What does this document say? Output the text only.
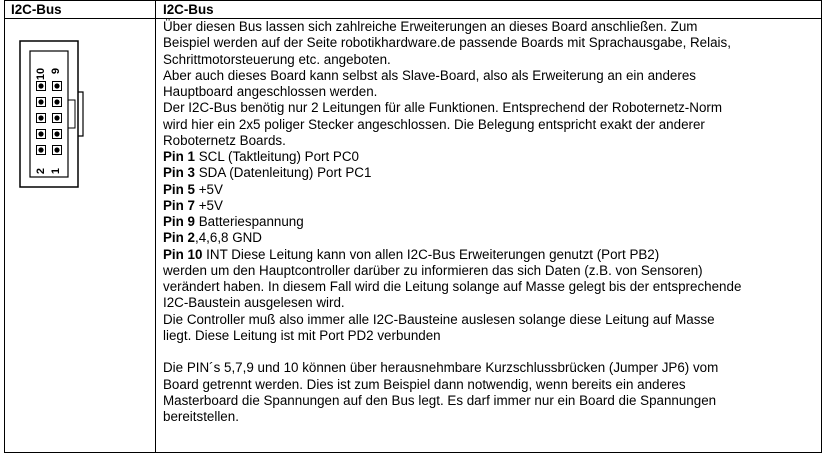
I2C-Bus
10 9
2 1
I2C-Bus
Über diesen Bus lassen sich zahlreiche Erweiterungen an dieses Board anschließen. Zum
Beispiel werden auf der Seite robotikhardware.de passende Boards mit Sprachausgabe, Relais,
Schrittmotorsteuerung etc. angeboten.
Aber auch dieses Board kann selbst als Slave-Board, also als Erweiterung an ein anderes
Hauptboard angeschlossen werden.
Der I2C-Bus benötig nur 2 Leitungen für alle Funktionen. Entsprechend der Roboternetz-Norm
wird hier ein 2x5 poliger Stecker angeschlossen. Die Belegung entspricht exakt der anderer
Roboternetz Boards.
Pin 1 SCL (Taktleitung) Port PC0
Pin 3 SDA (Datenleitung) Port PC1
Pin 5 +5V
Pin 7 +5V
Pin 9 Batteriespannung
Pin 2,4,6,8 GND
Pin 10 INT Diese Leitung kann von allen I2C-Bus Erweiterungen genutzt (Port PB2)
werden um den Hauptcontroller darüber zu informieren das sich Daten (z.B. von Sensoren)
verändert haben. In diesem Fall wird die Leitung solange auf Masse gelegt bis der entsprechende
I2C-Baustein ausgelesen wird.
Die Controller muß also immer alle I2C-Bausteine auslesen solange diese Leitung auf Masse
liegt. Diese Leitung ist mit Port PD2 verbunden
Die PIN´s 5,7,9 und 10 können über herausnehmbare Kurzschlussbrücken (Jumper JP6) vom
Board getrennt werden. Dies ist zum Beispiel dann notwendig, wenn bereits ein anderes
Masterboard die Spannungen auf den Bus legt. Es darf immer nur ein Board die Spannungen
bereitstellen.
